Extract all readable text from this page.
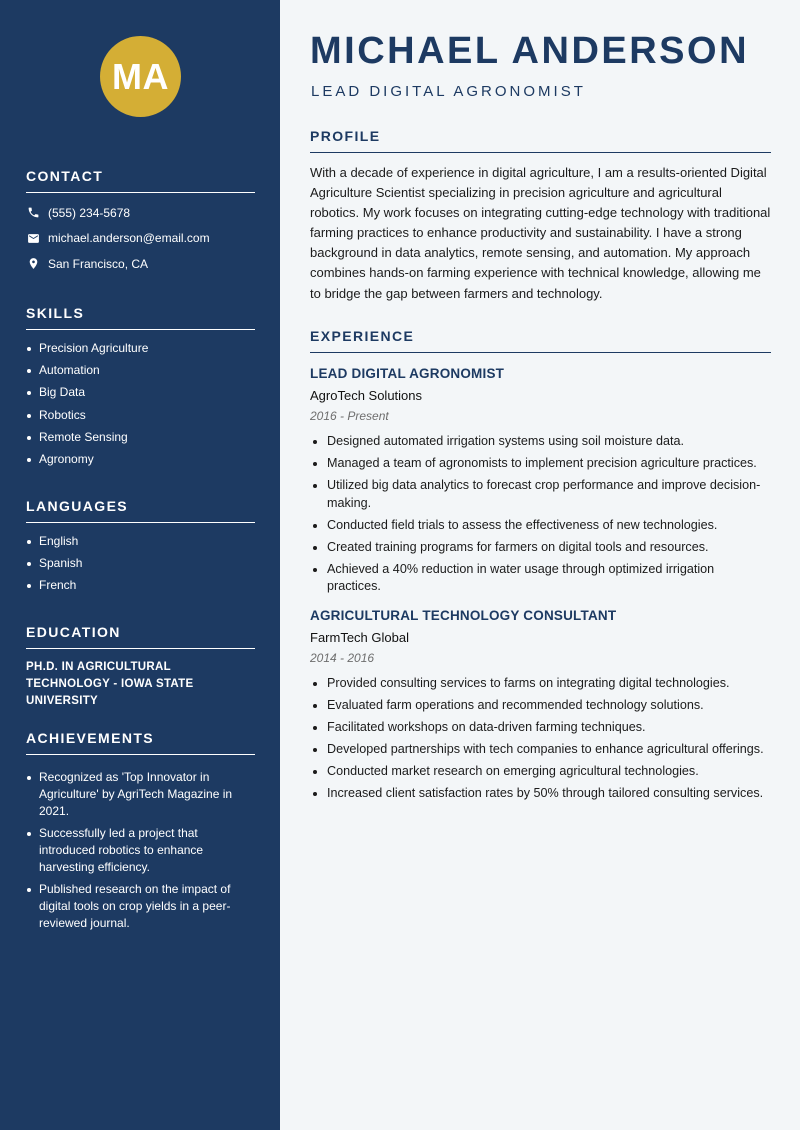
MA
CONTACT
(555) 234-5678
michael.anderson@email.com
San Francisco, CA
SKILLS
Precision Agriculture
Automation
Big Data
Robotics
Remote Sensing
Agronomy
LANGUAGES
English
Spanish
French
EDUCATION
PH.D. IN AGRICULTURAL TECHNOLOGY - IOWA STATE UNIVERSITY
ACHIEVEMENTS
Recognized as 'Top Innovator in Agriculture' by AgriTech Magazine in 2021.
Successfully led a project that introduced robotics to enhance harvesting efficiency.
Published research on the impact of digital tools on crop yields in a peer-reviewed journal.
MICHAEL ANDERSON
LEAD DIGITAL AGRONOMIST
PROFILE

With a decade of experience in digital agriculture, I am a results-oriented Digital Agriculture Scientist specializing in precision agriculture and agricultural robotics. My work focuses on integrating cutting-edge technology with traditional farming practices to enhance productivity and sustainability. I have a strong background in data analytics, remote sensing, and automation. My approach combines hands-on farming experience with technical knowledge, allowing me to bridge the gap between farmers and technology.

EXPERIENCE
LEAD DIGITAL AGRONOMIST
AgroTech Solutions
2016 - Present
Designed automated irrigation systems using soil moisture data.
Managed a team of agronomists to implement precision agriculture practices.
Utilized big data analytics to forecast crop performance and improve decision-making.
Conducted field trials to assess the effectiveness of new technologies.
Created training programs for farmers on digital tools and resources.
Achieved a 40% reduction in water usage through optimized irrigation practices.
AGRICULTURAL TECHNOLOGY CONSULTANT
FarmTech Global
2014 - 2016
Provided consulting services to farms on integrating digital technologies.
Evaluated farm operations and recommended technology solutions.
Facilitated workshops on data-driven farming techniques.
Developed partnerships with tech companies to enhance agricultural offerings.
Conducted market research on emerging agricultural technologies.
Increased client satisfaction rates by 50% through tailored consulting services.
